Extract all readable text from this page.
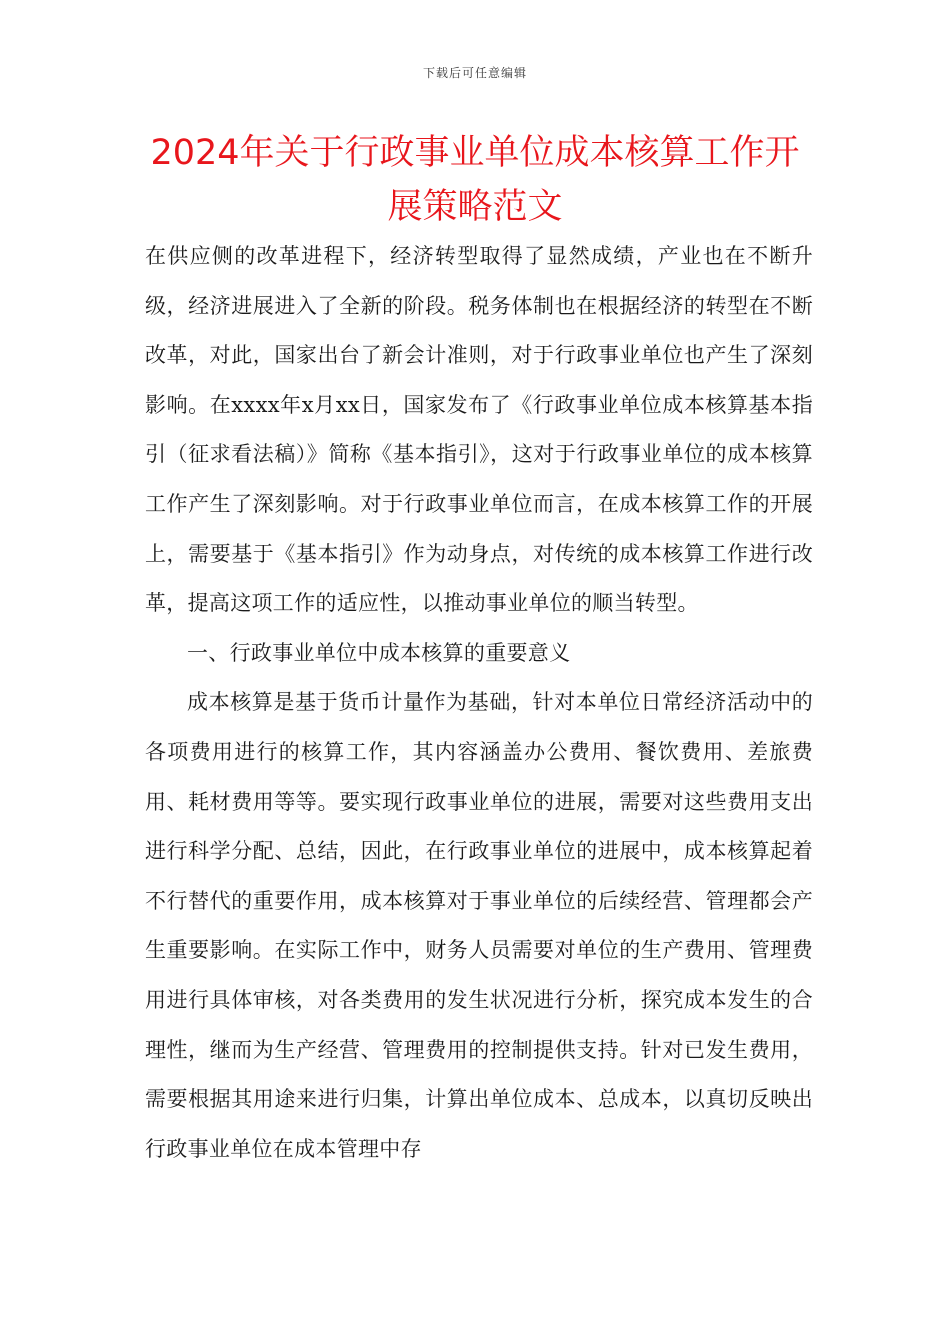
下载后可任意编辑
2024年关于行政事业单位成本核算工作开
展策略范文

在供应侧的改革进程下，经济转型取得了显然成绩，产业也在不断升级，经济进展进入了全新的阶段。税务体制也在根据经济的转型在不断改革，对此，国家出台了新会计准则，对于行政事业单位也产生了深刻影响。在xxxx年x月xx日，国家发布了《行政事业单位成本核算基本指引（征求看法稿）》简称《基本指引》，这对于行政事业单位的成本核算工作产生了深刻影响。对于行政事业单位而言，在成本核算工作的开展上，需要基于《基本指引》作为动身点，对传统的成本核算工作进行改革，提高这项工作的适应性，以推动事业单位的顺当转型。

一、行政事业单位中成本核算的重要意义

成本核算是基于货币计量作为基础，针对本单位日常经济活动中的各项费用进行的核算工作，其内容涵盖办公费用、餐饮费用、差旅费用、耗材费用等等。要实现行政事业单位的进展，需要对这些费用支出进行科学分配、总结，因此，在行政事业单位的进展中，成本核算起着不行替代的重要作用，成本核算对于事业单位的后续经营、管理都会产生重要影响。在实际工作中，财务人员需要对单位的生产费用、管理费用进行具体审核，对各类费用的发生状况进行分析，探究成本发生的合理性，继而为生产经营、管理费用的控制提供支持。针对已发生费用，需要根据其用途来进行归集，计算出单位成本、总成本，以真切反映出行政事业单位在成本管理中存
